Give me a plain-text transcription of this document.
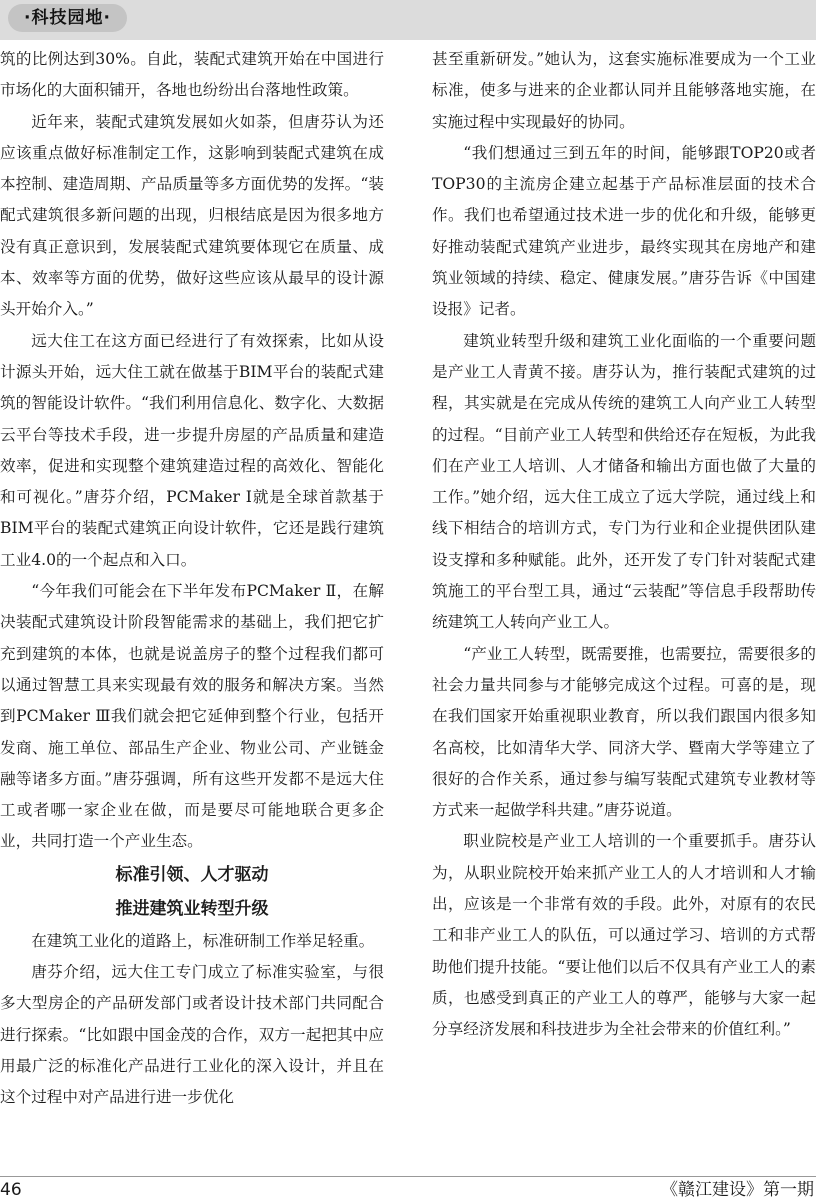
·科技园地·

筑的比例达到30%。自此，装配式建筑开始在中国进行市场化的大面积铺开，各地也纷纷出台落地性政策。

近年来，装配式建筑发展如火如荼，但唐芬认为还应该重点做好标准制定工作，这影响到装配式建筑在成本控制、建造周期、产品质量等多方面优势的发挥。“装配式建筑很多新问题的出现，归根结底是因为很多地方没有真正意识到，发展装配式建筑要体现它在质量、成本、效率等方面的优势，做好这些应该从最早的设计源头开始介入。”

远大住工在这方面已经进行了有效探索，比如从设计源头开始，远大住工就在做基于BIM平台的装配式建筑的智能设计软件。“我们利用信息化、数字化、大数据云平台等技术手段，进一步提升房屋的产品质量和建造效率，促进和实现整个建筑建造过程的高效化、智能化和可视化。”唐芬介绍，PCMaker Ⅰ就是全球首款基于BIM平台的装配式建筑正向设计软件，它还是践行建筑工业4.0的一个起点和入口。

“今年我们可能会在下半年发布PCMaker Ⅱ，在解决装配式建筑设计阶段智能需求的基础上，我们把它扩充到建筑的本体，也就是说盖房子的整个过程我们都可以通过智慧工具来实现最有效的服务和解决方案。当然到PCMaker Ⅲ我们就会把它延伸到整个行业，包括开发商、施工单位、部品生产企业、物业公司、产业链金融等诸多方面。”唐芬强调，所有这些开发都不是远大住工或者哪一家企业在做，而是要尽可能地联合更多企业，共同打造一个产业生态。

标准引领、人才驱动
推进建筑业转型升级

在建筑工业化的道路上，标准研制工作举足轻重。

唐芬介绍，远大住工专门成立了标准实验室，与很多大型房企的产品研发部门或者设计技术部门共同配合进行探索。“比如跟中国金茂的合作，双方一起把其中应用最广泛的标准化产品进行工业化的深入设计，并且在这个过程中对产品进行进一步优化

甚至重新研发。”她认为，这套实施标准要成为一个工业标准，使多与进来的企业都认同并且能够落地实施，在实施过程中实现最好的协同。

“我们想通过三到五年的时间，能够跟TOP20或者TOP30的主流房企建立起基于产品标准层面的技术合作。我们也希望通过技术进一步的优化和升级，能够更好推动装配式建筑产业进步，最终实现其在房地产和建筑业领域的持续、稳定、健康发展。”唐芬告诉《中国建设报》记者。

建筑业转型升级和建筑工业化面临的一个重要问题是产业工人青黄不接。唐芬认为，推行装配式建筑的过程，其实就是在完成从传统的建筑工人向产业工人转型的过程。“目前产业工人转型和供给还存在短板，为此我们在产业工人培训、人才储备和输出方面也做了大量的工作。”她介绍，远大住工成立了远大学院，通过线上和线下相结合的培训方式，专门为行业和企业提供团队建设支撑和多种赋能。此外，还开发了专门针对装配式建筑施工的平台型工具，通过“云装配”等信息手段帮助传统建筑工人转向产业工人。

“产业工人转型，既需要推，也需要拉，需要很多的社会力量共同参与才能够完成这个过程。可喜的是，现在我们国家开始重视职业教育，所以我们跟国内很多知名高校，比如清华大学、同济大学、暨南大学等建立了很好的合作关系，通过参与编写装配式建筑专业教材等方式来一起做学科共建。”唐芬说道。

职业院校是产业工人培训的一个重要抓手。唐芬认为，从职业院校开始来抓产业工人的人才培训和人才输出，应该是一个非常有效的手段。此外，对原有的农民工和非产业工人的队伍，可以通过学习、培训的方式帮助他们提升技能。“要让他们以后不仅具有产业工人的素质，也感受到真正的产业工人的尊严，能够与大家一起分享经济发展和科技进步为全社会带来的价值红利。”

46	《赣江建设》第一期
